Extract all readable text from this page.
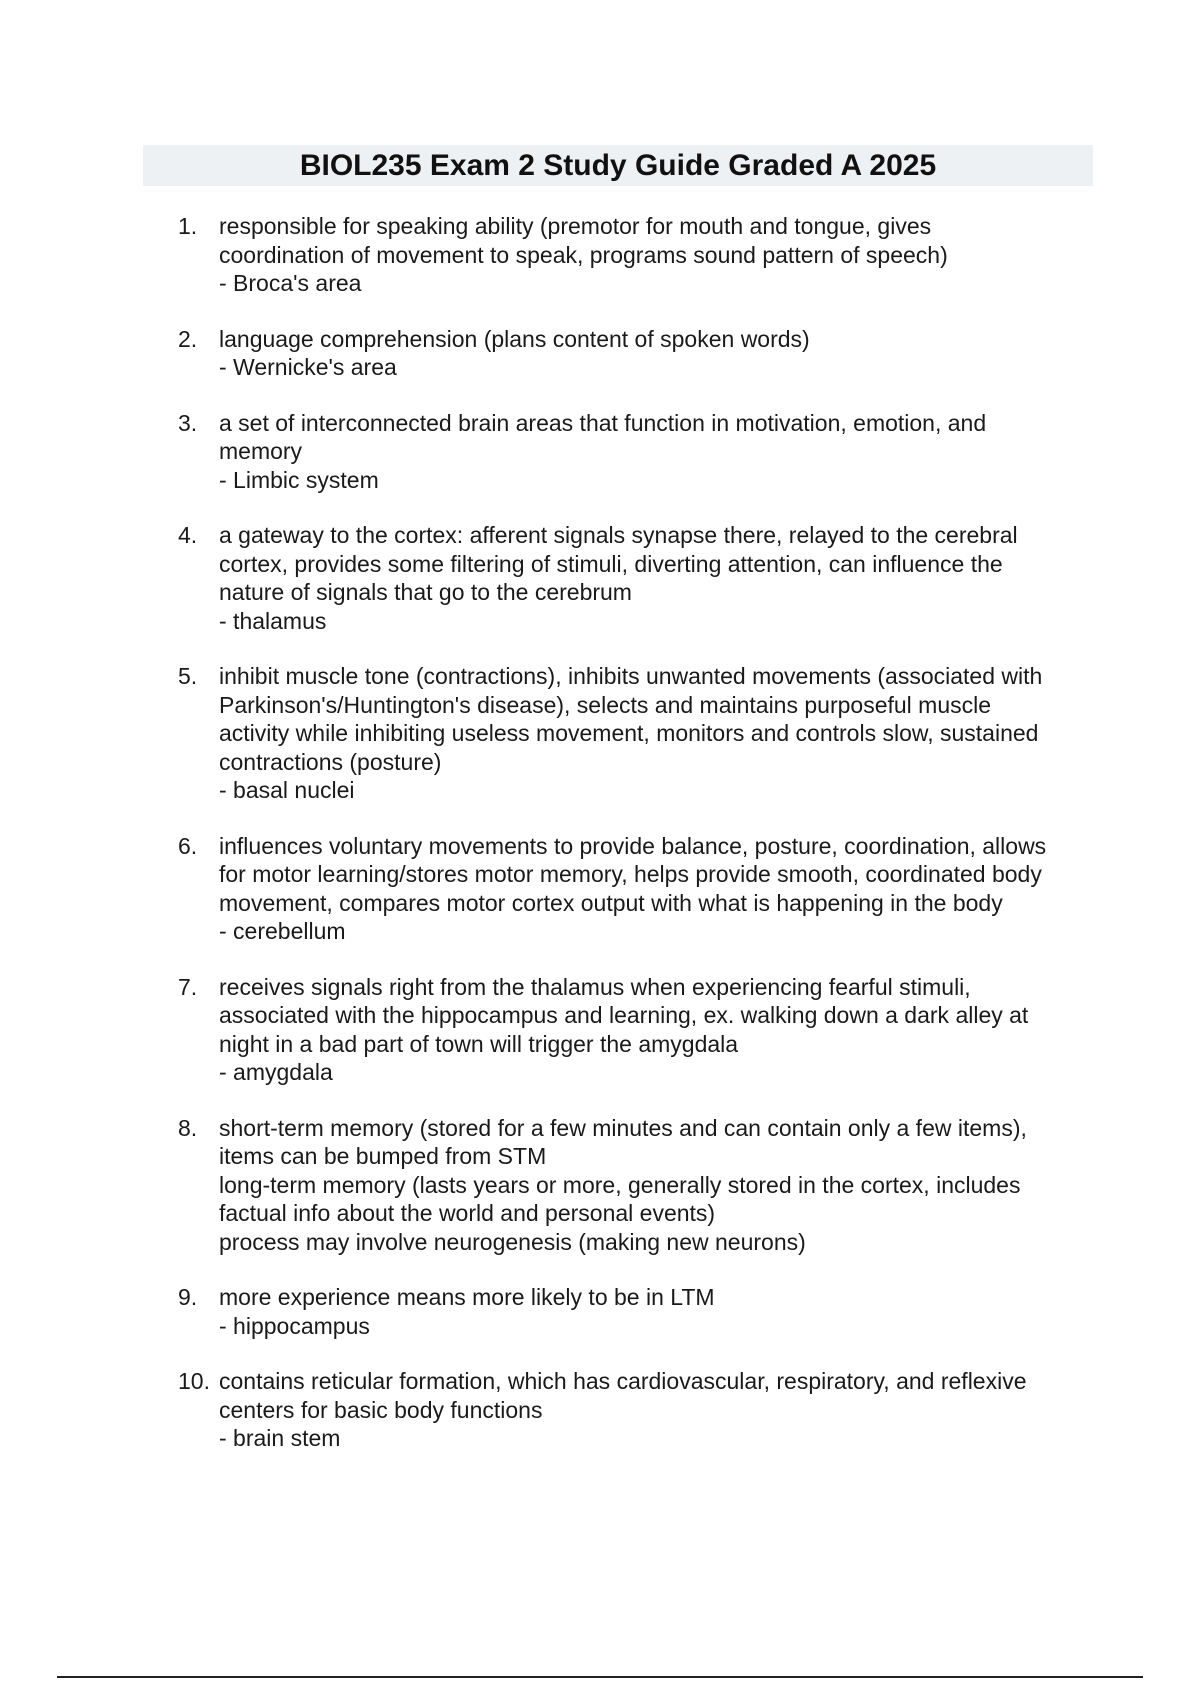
BIOL235 Exam 2 Study Guide Graded A 2025
1. responsible for speaking ability (premotor for mouth and tongue, gives
coordination of movement to speak, programs sound pattern of speech)
- Broca's area
2. language comprehension (plans content of spoken words)
- Wernicke's area
3. a set of interconnected brain areas that function in motivation, emotion, and
memory
- Limbic system
4. a gateway to the cortex: afferent signals synapse there, relayed to the cerebral
cortex, provides some filtering of stimuli, diverting attention, can influence the
nature of signals that go to the cerebrum
- thalamus
5. inhibit muscle tone (contractions), inhibits unwanted movements (associated with
Parkinson's/Huntington's disease), selects and maintains purposeful muscle
activity while inhibiting useless movement, monitors and controls slow, sustained
contractions (posture)
- basal nuclei
6. influences voluntary movements to provide balance, posture, coordination, allows
for motor learning/stores motor memory, helps provide smooth, coordinated body
movement, compares motor cortex output with what is happening in the body
- cerebellum
7. receives signals right from the thalamus when experiencing fearful stimuli,
associated with the hippocampus and learning, ex. walking down a dark alley at
night in a bad part of town will trigger the amygdala
- amygdala
8. short-term memory (stored for a few minutes and can contain only a few items),
items can be bumped from STM
long-term memory (lasts years or more, generally stored in the cortex, includes
factual info about the world and personal events)
process may involve neurogenesis (making new neurons)
9. more experience means more likely to be in LTM
- hippocampus
10. contains reticular formation, which has cardiovascular, respiratory, and reflexive
centers for basic body functions
- brain stem
